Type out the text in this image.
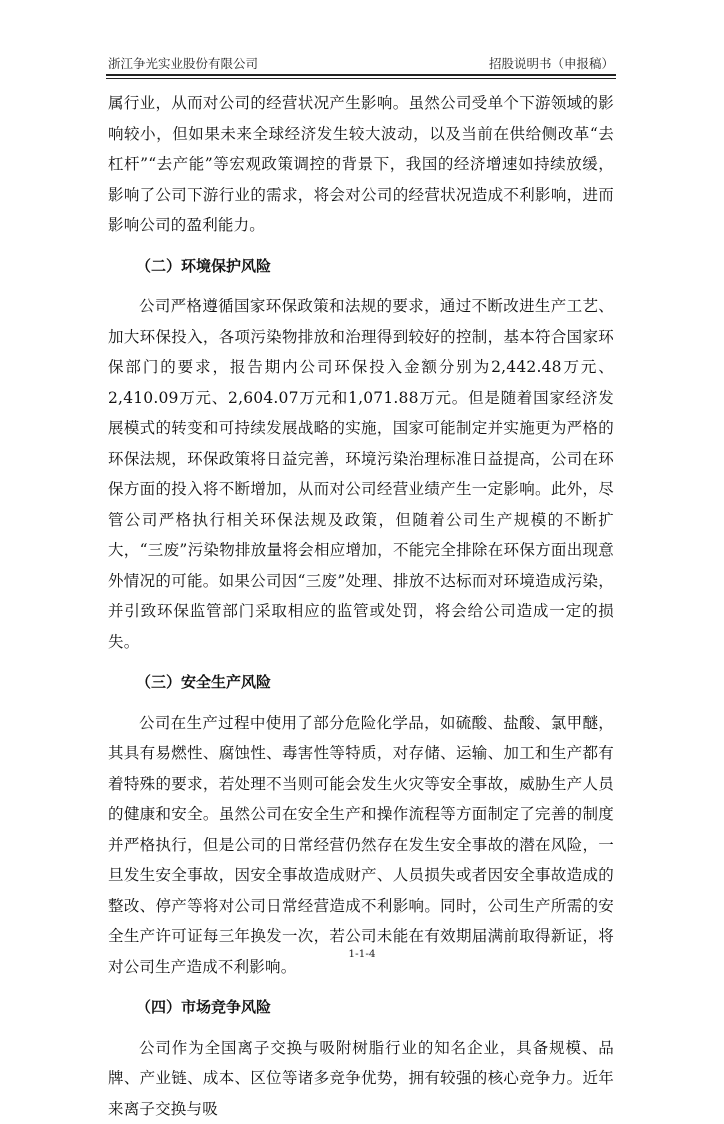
浙江争光实业股份有限公司	招股说明书（申报稿）

属行业，从而对公司的经营状况产生影响。虽然公司受单个下游领域的影响较小，但如果未来全球经济发生较大波动，以及当前在供给侧改革“去杠杆”“去产能”等宏观政策调控的背景下，我国的经济增速如持续放缓，影响了公司下游行业的需求，将会对公司的经营状况造成不利影响，进而影响公司的盈利能力。

（二）环境保护风险

公司严格遵循国家环保政策和法规的要求，通过不断改进生产工艺、加大环保投入，各项污染物排放和治理得到较好的控制，基本符合国家环保部门的要求，报告期内公司环保投入金额分别为2,442.48万元、2,410.09万元、2,604.07万元和1,071.88万元。但是随着国家经济发展模式的转变和可持续发展战略的实施，国家可能制定并实施更为严格的环保法规，环保政策将日益完善，环境污染治理标准日益提高，公司在环保方面的投入将不断增加，从而对公司经营业绩产生一定影响。此外，尽管公司严格执行相关环保法规及政策，但随着公司生产规模的不断扩大，“三废”污染物排放量将会相应增加，不能完全排除在环保方面出现意外情况的可能。如果公司因“三废”处理、排放不达标而对环境造成污染，并引致环保监管部门采取相应的监管或处罚，将会给公司造成一定的损失。

（三）安全生产风险

公司在生产过程中使用了部分危险化学品，如硫酸、盐酸、氯甲醚，其具有易燃性、腐蚀性、毒害性等特质，对存储、运输、加工和生产都有着特殊的要求，若处理不当则可能会发生火灾等安全事故，威胁生产人员的健康和安全。虽然公司在安全生产和操作流程等方面制定了完善的制度并严格执行，但是公司的日常经营仍然存在发生安全事故的潜在风险，一旦发生安全事故，因安全事故造成财产、人员损失或者因安全事故造成的整改、停产等将对公司日常经营造成不利影响。同时，公司生产所需的安全生产许可证每三年换发一次，若公司未能在有效期届满前取得新证，将对公司生产造成不利影响。

（四）市场竞争风险

公司作为全国离子交换与吸附树脂行业的知名企业，具备规模、品牌、产业链、成本、区位等诸多竞争优势，拥有较强的核心竞争力。近年来离子交换与吸

1-1-4
